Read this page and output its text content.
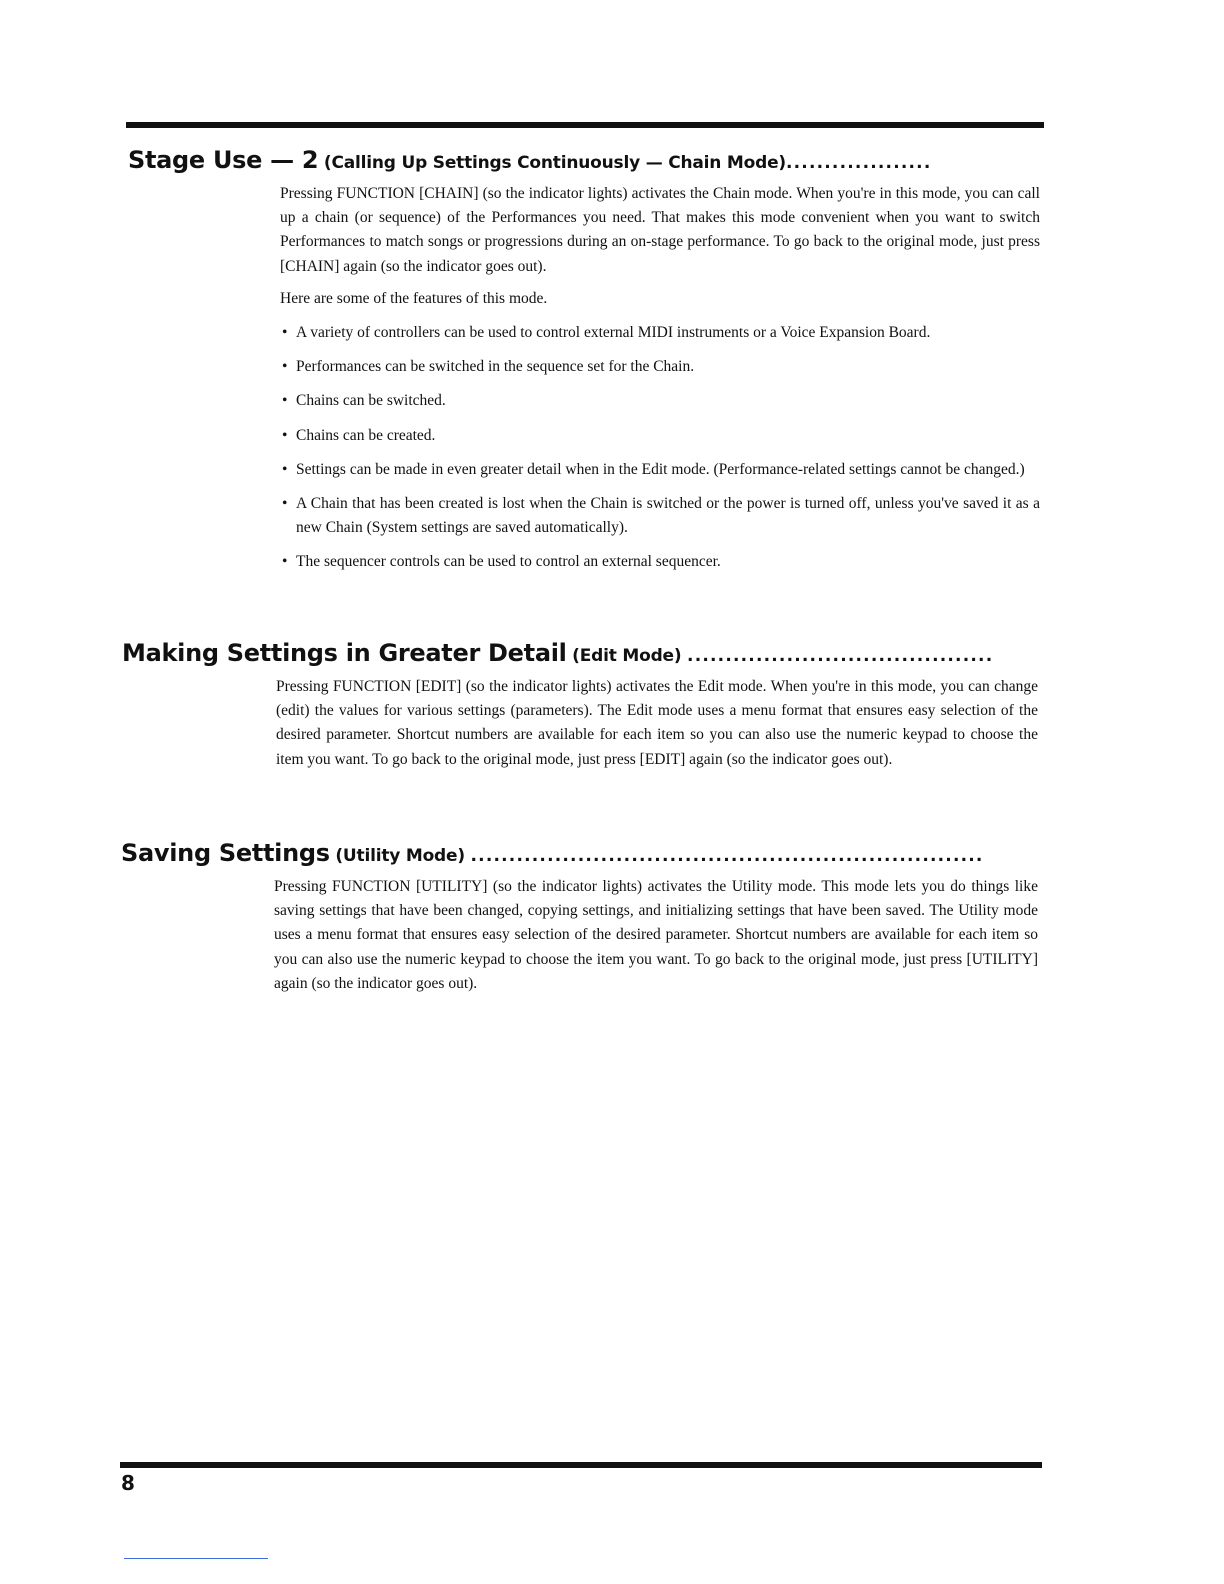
Stage Use — 2 (Calling Up Settings Continuously — Chain Mode)...................

Pressing FUNCTION [CHAIN] (so the indicator lights) activates the Chain mode. When you're in this mode, you can call up a chain (or sequence) of the Performances you need. That makes this mode convenient when you want to switch Performances to match songs or progressions during an on-stage performance. To go back to the original mode, just press [CHAIN] again (so the indicator goes out).

Here are some of the features of this mode.

• A variety of controllers can be used to control external MIDI instruments or a Voice Expansion Board.
• Performances can be switched in the sequence set for the Chain.
• Chains can be switched.
• Chains can be created.
• Settings can be made in even greater detail when in the Edit mode. (Performance-related settings cannot be changed.)
• A Chain that has been created is lost when the Chain is switched or the power is turned off, unless you've saved it as a new Chain (System settings are saved automatically).
• The sequencer controls can be used to control an external sequencer.
Making Settings in Greater Detail (Edit Mode) ........................................

Pressing FUNCTION [EDIT] (so the indicator lights) activates the Edit mode. When you're in this mode, you can change (edit) the values for various settings (parameters). The Edit mode uses a menu format that ensures easy selection of the desired parameter. Shortcut numbers are available for each item so you can also use the numeric keypad to choose the item you want. To go back to the original mode, just press [EDIT] again (so the indicator goes out).

Saving Settings (Utility Mode) ...................................................................

Pressing FUNCTION [UTILITY] (so the indicator lights) activates the Utility mode. This mode lets you do things like saving settings that have been changed, copying settings, and initializing settings that have been saved. The Utility mode uses a menu format that ensures easy selection of the desired parameter. Shortcut numbers are available for each item so you can also use the numeric keypad to choose the item you want. To go back to the original mode, just press [UTILITY] again (so the indicator goes out).

8
